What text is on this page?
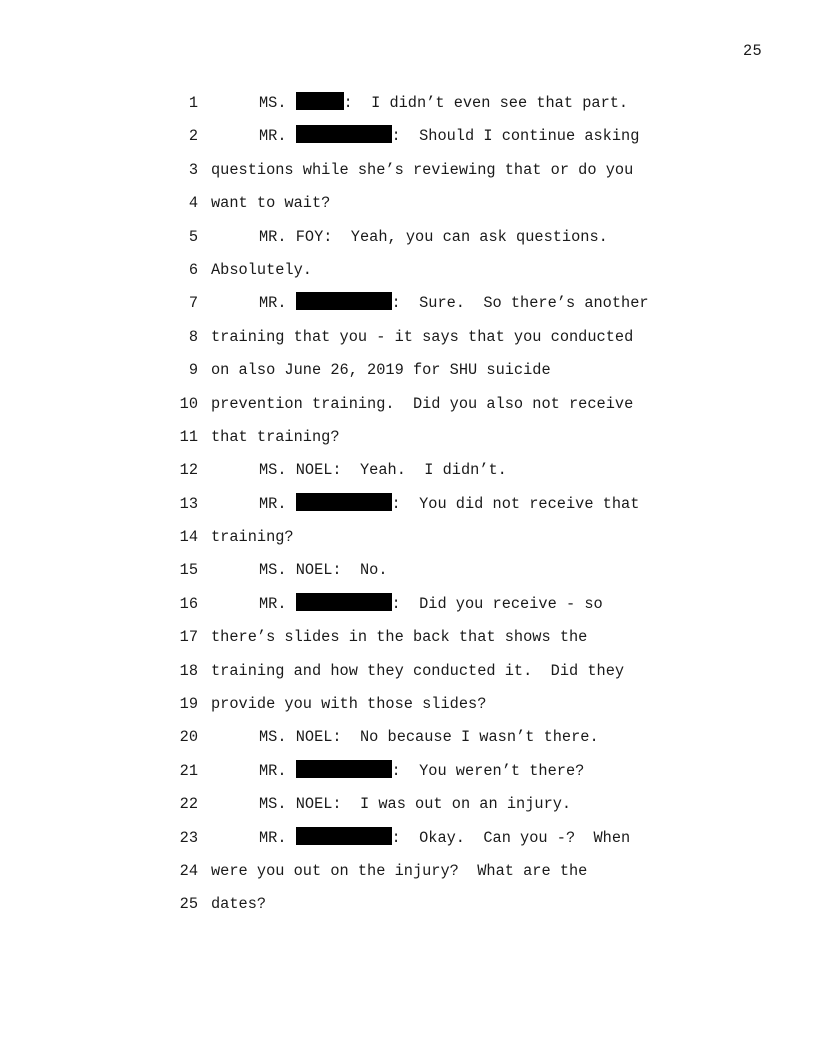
25
1	MS.	:  I didn’t even see that part.
2	MR.	:  Should I continue asking
3 questions while she’s reviewing that or do you
4 want to wait?
5	MR. FOY:  Yeah, you can ask questions.
6 Absolutely.
7	MR.	:  Sure.  So there’s another
8 training that you - it says that you conducted
9 on also June 26, 2019 for SHU suicide
10 prevention training.  Did you also not receive
11 that training?
12	MS. NOEL:  Yeah.  I didn’t.
13	MR.	:  You did not receive that
14 training?
15	MS. NOEL:  No.
16	MR.	:  Did you receive - so
17 there’s slides in the back that shows the
18 training and how they conducted it.  Did they
19 provide you with those slides?
20	MS. NOEL:  No because I wasn’t there.
21	MR.	:  You weren’t there?
22	MS. NOEL:  I was out on an injury.
23	MR.	:  Okay.  Can you -?  When
24 were you out on the injury?  What are the
25 dates?
